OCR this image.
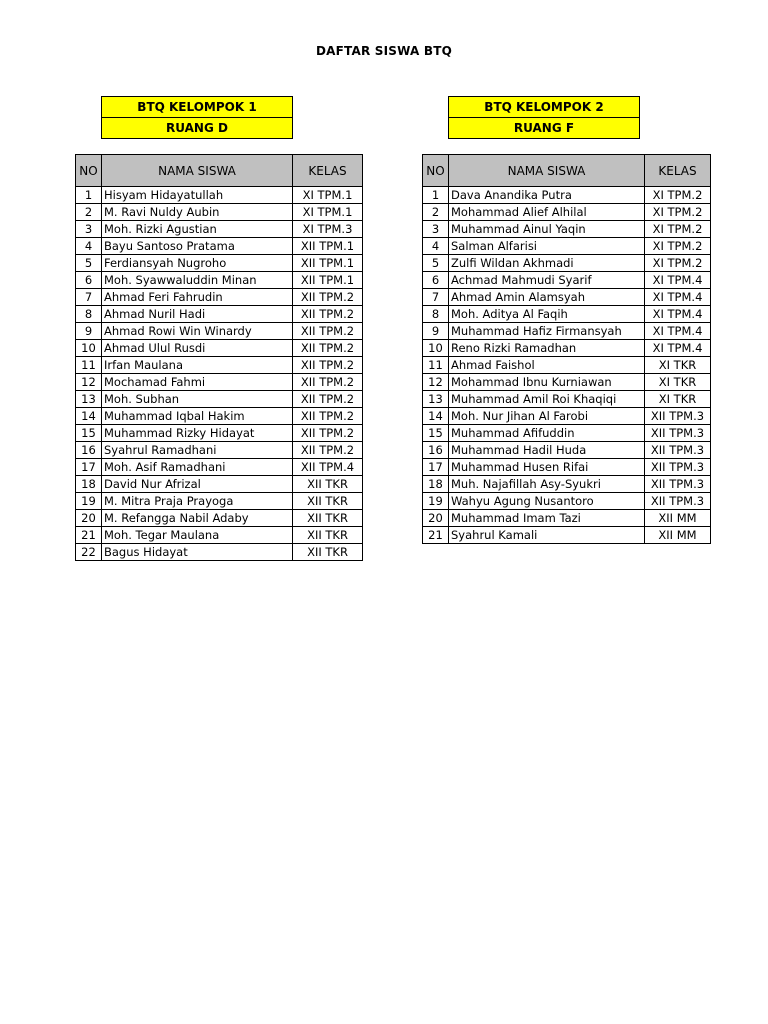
DAFTAR SISWA BTQ
BTQ KELOMPOK 1
RUANG D
BTQ KELOMPOK 2
RUANG F
NO	NAMA SISWA	KELAS
1	Hisyam Hidayatullah	XI TPM.1
2	M. Ravi Nuldy Aubin	XI TPM.1
3	Moh. Rizki Agustian	XI TPM.3
4	Bayu Santoso Pratama	XII TPM.1
5	Ferdiansyah Nugroho	XII TPM.1
6	Moh. Syawwaluddin Minan	XII TPM.1
7	Ahmad Feri Fahrudin	XII TPM.2
8	Ahmad Nuril Hadi	XII TPM.2
9	Ahmad Rowi Win Winardy	XII TPM.2
10	Ahmad Ulul Rusdi	XII TPM.2
11	Irfan Maulana	XII TPM.2
12	Mochamad Fahmi	XII TPM.2
13	Moh. Subhan	XII TPM.2
14	Muhammad Iqbal Hakim	XII TPM.2
15	Muhammad Rizky Hidayat	XII TPM.2
16	Syahrul Ramadhani	XII TPM.2
17	Moh. Asif Ramadhani	XII TPM.4
18	David Nur Afrizal	XII TKR
19	M. Mitra Praja Prayoga	XII TKR
20	M. Refangga Nabil Adaby	XII TKR
21	Moh. Tegar Maulana	XII TKR
22	Bagus Hidayat	XII TKR
NO	NAMA SISWA	KELAS
1	Dava Anandika Putra	XI TPM.2
2	Mohammad Alief Alhilal	XI TPM.2
3	Muhammad Ainul Yaqin	XI TPM.2
4	Salman Alfarisi	XI TPM.2
5	Zulfi Wildan Akhmadi	XI TPM.2
6	Achmad Mahmudi Syarif	XI TPM.4
7	Ahmad Amin Alamsyah	XI TPM.4
8	Moh. Aditya Al Faqih	XI TPM.4
9	Muhammad Hafiz Firmansyah	XI TPM.4
10	Reno Rizki Ramadhan	XI TPM.4
11	Ahmad Faishol	XI TKR
12	Mohammad Ibnu Kurniawan	XI TKR
13	Muhammad Amil Roi Khaqiqi	XI TKR
14	Moh. Nur Jihan Al Farobi	XII TPM.3
15	Muhammad Afifuddin	XII TPM.3
16	Muhammad Hadil Huda	XII TPM.3
17	Muhammad Husen Rifai	XII TPM.3
18	Muh. Najafillah Asy-Syukri	XII TPM.3
19	Wahyu Agung Nusantoro	XII TPM.3
20	Muhammad Imam Tazi	XII MM
21	Syahrul Kamali	XII MM
